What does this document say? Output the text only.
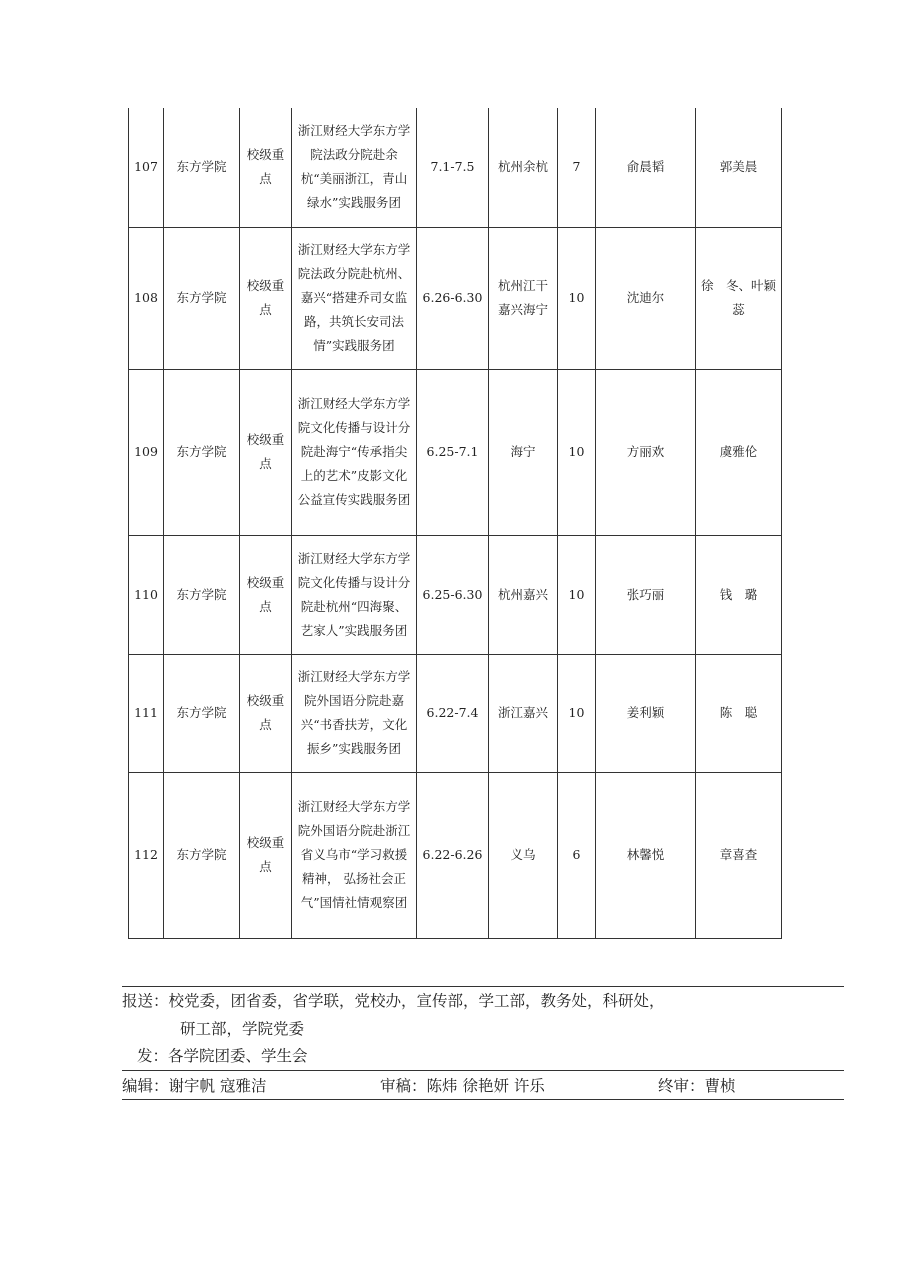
107	东方学院	校级重点	浙江财经大学东方学院法政分院赴余杭“美丽浙江，青山绿水”实践服务团	7.1-7.5	杭州余杭	7	俞晨韬	郭美晨
108	东方学院	校级重点	浙江财经大学东方学院法政分院赴杭州、嘉兴“搭建乔司女监路，共筑长安司法情”实践服务团	6.26-6.30	杭州江干嘉兴海宁	10	沈迪尔	徐　冬、叶颖蕊
109	东方学院	校级重点	浙江财经大学东方学院文化传播与设计分院赴海宁“传承指尖上的艺术”皮影文化公益宣传实践服务团	6.25-7.1	海宁	10	方丽欢	虞雅伦
110	东方学院	校级重点	浙江财经大学东方学院文化传播与设计分院赴杭州“四海聚、艺家人”实践服务团	6.25-6.30	杭州嘉兴	10	张巧丽	钱　璐
111	东方学院	校级重点	浙江财经大学东方学院外国语分院赴嘉兴“书香扶芳，文化振乡”实践服务团	6.22-7.4	浙江嘉兴	10	姜利颖	陈　聪
112	东方学院	校级重点	浙江财经大学东方学院外国语分院赴浙江省义乌市“学习救援精神， 弘扬社会正气”国情社情观察团	6.22-6.26	义乌	6	林馨悦	章喜查
报送：校党委，团省委，省学联，党校办，宣传部，学工部，教务处，科研处，
研工部，学院党委
发：各学院团委、学生会
编辑：谢宇帆 寇雅洁	审稿：陈炜 徐艳妍 许乐	终审：曹桢
